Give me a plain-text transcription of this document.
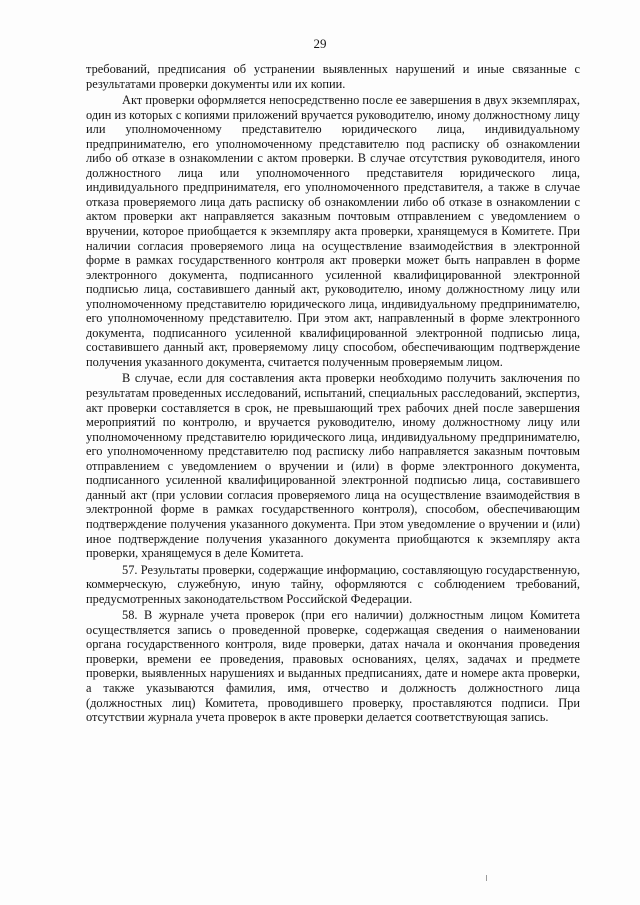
29

требований, предписания об устранении выявленных нарушений и иные связанные с результатами проверки документы или их копии.

Акт проверки оформляется непосредственно после ее завершения в двух экземплярах, один из которых с копиями приложений вручается руководителю, иному должностному лицу или уполномоченному представителю юридического лица, индивидуальному предпринимателю, его уполномоченному представителю под расписку об ознакомлении либо об отказе в ознакомлении с актом проверки. В случае отсутствия руководителя, иного должностного лица или уполномоченного представителя юридического лица, индивидуального предпринимателя, его уполномоченного представителя, а также в случае отказа проверяемого лица дать расписку об ознакомлении либо об отказе в ознакомлении с актом проверки акт направляется заказным почтовым отправлением с уведомлением о вручении, которое приобщается к экземпляру акта проверки, хранящемуся в Комитете. При наличии согласия проверяемого лица на осуществление взаимодействия в электронной форме в рамках государственного контроля акт проверки может быть направлен в форме электронного документа, подписанного усиленной квалифицированной электронной подписью лица, составившего данный акт, руководителю, иному должностному лицу или уполномоченному представителю юридического лица, индивидуальному предпринимателю, его уполномоченному представителю. При этом акт, направленный в форме электронного документа, подписанного усиленной квалифицированной электронной подписью лица, составившего данный акт, проверяемому лицу способом, обеспечивающим подтверждение получения указанного документа, считается полученным проверяемым лицом.

В случае, если для составления акта проверки необходимо получить заключения по результатам проведенных исследований, испытаний, специальных расследований, экспертиз, акт проверки составляется в срок, не превышающий трех рабочих дней после завершения мероприятий по контролю, и вручается руководителю, иному должностному лицу или уполномоченному представителю юридического лица, индивидуальному предпринимателю, его уполномоченному представителю под расписку либо направляется заказным почтовым отправлением с уведомлением о вручении и (или) в форме электронного документа, подписанного усиленной квалифицированной электронной подписью лица, составившего данный акт (при условии согласия проверяемого лица на осуществление взаимодействия в электронной форме в рамках государственного контроля), способом, обеспечивающим подтверждение получения указанного документа. При этом уведомление о вручении и (или) иное подтверждение получения указанного документа приобщаются к экземпляру акта проверки, хранящемуся в деле Комитета.

57. Результаты проверки, содержащие информацию, составляющую государственную, коммерческую, служебную, иную тайну, оформляются с соблюдением требований, предусмотренных законодательством Российской Федерации.

58. В журнале учета проверок (при его наличии) должностным лицом Комитета осуществляется запись о проведенной проверке, содержащая сведения о наименовании органа государственного контроля, виде проверки, датах начала и окончания проведения проверки, времени ее проведения, правовых основаниях, целях, задачах и предмете проверки, выявленных нарушениях и выданных предписаниях, дате и номере акта проверки, а также указываются фамилия, имя, отчество и должность должностного лица (должностных лиц) Комитета, проводившего проверку, проставляются подписи. При отсутствии журнала учета проверок в акте проверки делается соответствующая запись.
